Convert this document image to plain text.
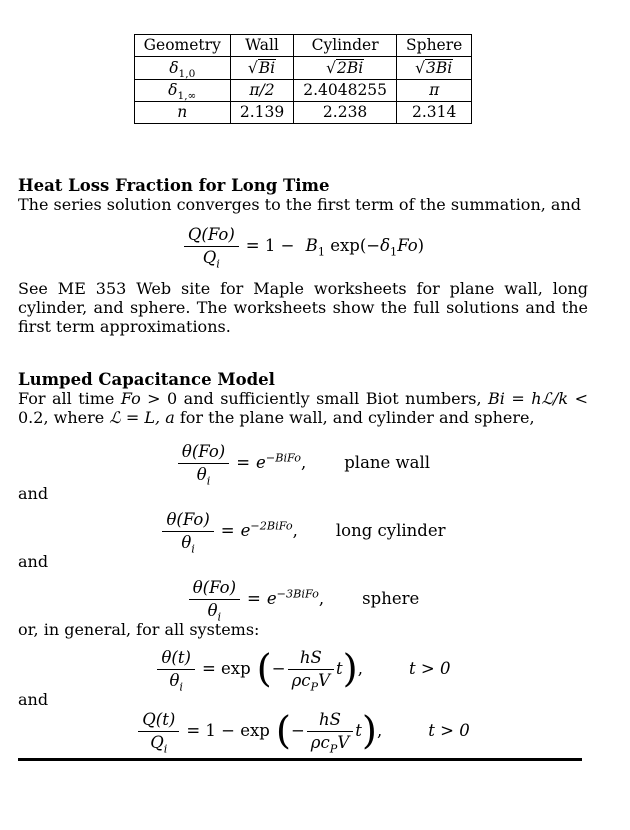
Geometry	Wall	Cylinder	Sphere
$\delta_{1,0}$	√Bi	√2Bi	√3Bi
$\delta_{1,\infty}$	π/2	2.4048255	π
n	2.139	2.238	2.314
Heat Loss Fraction for Long Time

The series solution converges to the first term of the summation, and

$\frac{Q(Fo)}{Q_i} = 1 - B_1$ $\exp(-\delta_1Fo)$

See ME 353 Web site for Maple worksheets for plane wall, long cylinder, and sphere. The worksheets show the full solutions and the first term approximations.

Lumped Capacitance Model

For all time Fo > 0 and sufficiently small Biot numbers, Bi = hℒ/k < 0.2, where ℒ = L, a for the plane wall, and cylinder and sphere,

$\frac{\theta(Fo)}{\theta_i} = e^{-BiFo}$, plane wall

and

$\frac{\theta(Fo)}{\theta_i} = e^{-2BiFo}$, long cylinder

and

$\frac{\theta(Fo)}{\theta_i} = e^{-3BiFo}$, sphere

or, in general, for all systems:

$\frac{\theta(t)}{\theta_i} = \exp$ (− $\frac{hS}{\rho c_PV} t$),	t > 0

and

$\frac{Q(t)}{Q_i} = 1 - \exp$ (− $\frac{hS}{\rho c_PV} t$),	t > 0
